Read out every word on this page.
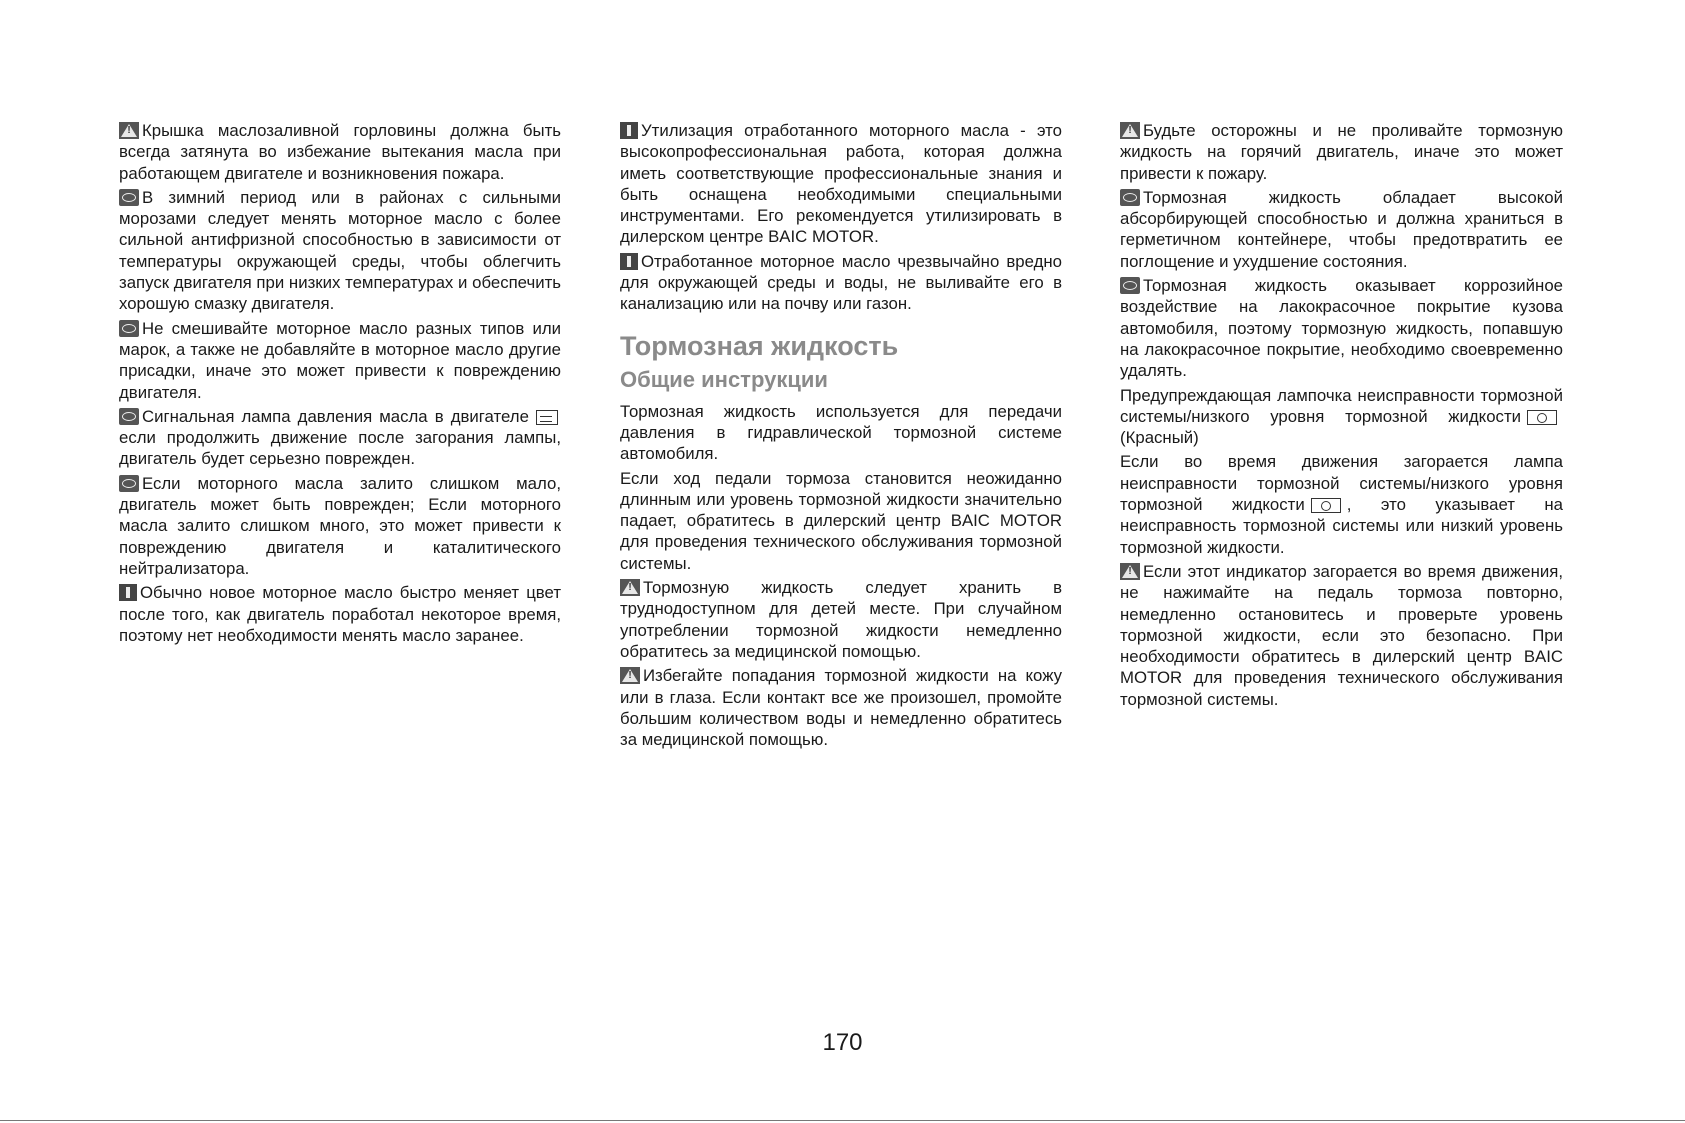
!Крышка маслозаливной горловины должна быть всегда затянута во избежание вытекания масла при работающем двигателе и возникновения пожара.

В зимний период или в районах с сильными морозами следует менять моторное масло с более сильной антифризной способностью в зависимости от температуры окружающей среды, чтобы облегчить запуск двигателя при низких температурах и обеспечить хорошую смазку двигателя.

Не смешивайте моторное масло разных типов или марок, а также не добавляйте в моторное масло другие присадки, иначе это может привести к повреждению двигателя.

Сигнальная лампа давления масла в двигателе если продолжить движение после загорания лампы, двигатель будет серьезно поврежден.

Если моторного масла залито слишком мало, двигатель может быть поврежден; Если моторного масла залито слишком много, это может привести к повреждению двигателя и каталитического нейтрализатора.

Обычно новое моторное масло быстро меняет цвет после того, как двигатель поработал некоторое время, поэтому нет необходимости менять масло заранее.

Утилизация отработанного моторного масла - это высокопрофессиональная работа, которая должна иметь соответствующие профессиональные знания и быть оснащена необходимыми специальными инструментами. Его рекомендуется утилизировать в дилерском центре BAIC MOTOR.

Отработанное моторное масло чрезвычайно вредно для окружающей среды и воды, не выливайте его в канализацию или на почву или газон.

Тормозная жидкость
Общие инструкции

Тормозная жидкость используется для передачи давления в гидравлической тормозной системе автомобиля.

Если ход педали тормоза становится неожиданно длинным или уровень тормозной жидкости значительно падает, обратитесь в дилерский центр BAIC MOTOR для проведения технического обслуживания тормозной системы.

!Тормозную жидкость следует хранить в труднодоступном для детей месте. При случайном употреблении тормозной жидкости немедленно обратитесь за медицинской помощью.

!Избегайте попадания тормозной жидкости на кожу или в глаза. Если контакт все же произошел, промойте большим количеством воды и немедленно обратитесь за медицинской помощью.

!Будьте осторожны и не проливайте тормозную жидкость на горячий двигатель, иначе это может привести к пожару.

Тормозная жидкость обладает высокой абсорбирующей способностью и должна храниться в герметичном контейнере, чтобы предотвратить ее поглощение и ухудшение состояния.

Тормозная жидкость оказывает коррозийное воздействие на лакокрасочное покрытие кузова автомобиля, поэтому тормозную жидкость, попавшую на лакокрасочное покрытие, необходимо своевременно удалять.

Предупреждающая лампочка неисправности тормозной системы/низкого уровня тормозной жидкости(Красный)

Если во время движения загорается лампа неисправности тормозной системы/низкого уровня тормозной жидкости	, это указывает на неисправность тормозной системы или низкий уровень тормозной жидкости.

!Если этот индикатор загорается во время движения, не нажимайте на педаль тормоза повторно, немедленно остановитесь и проверьте уровень тормозной жидкости, если это безопасно. При необходимости обратитесь в дилерский центр BAIC MOTOR для проведения технического обслуживания тормозной системы.

170
